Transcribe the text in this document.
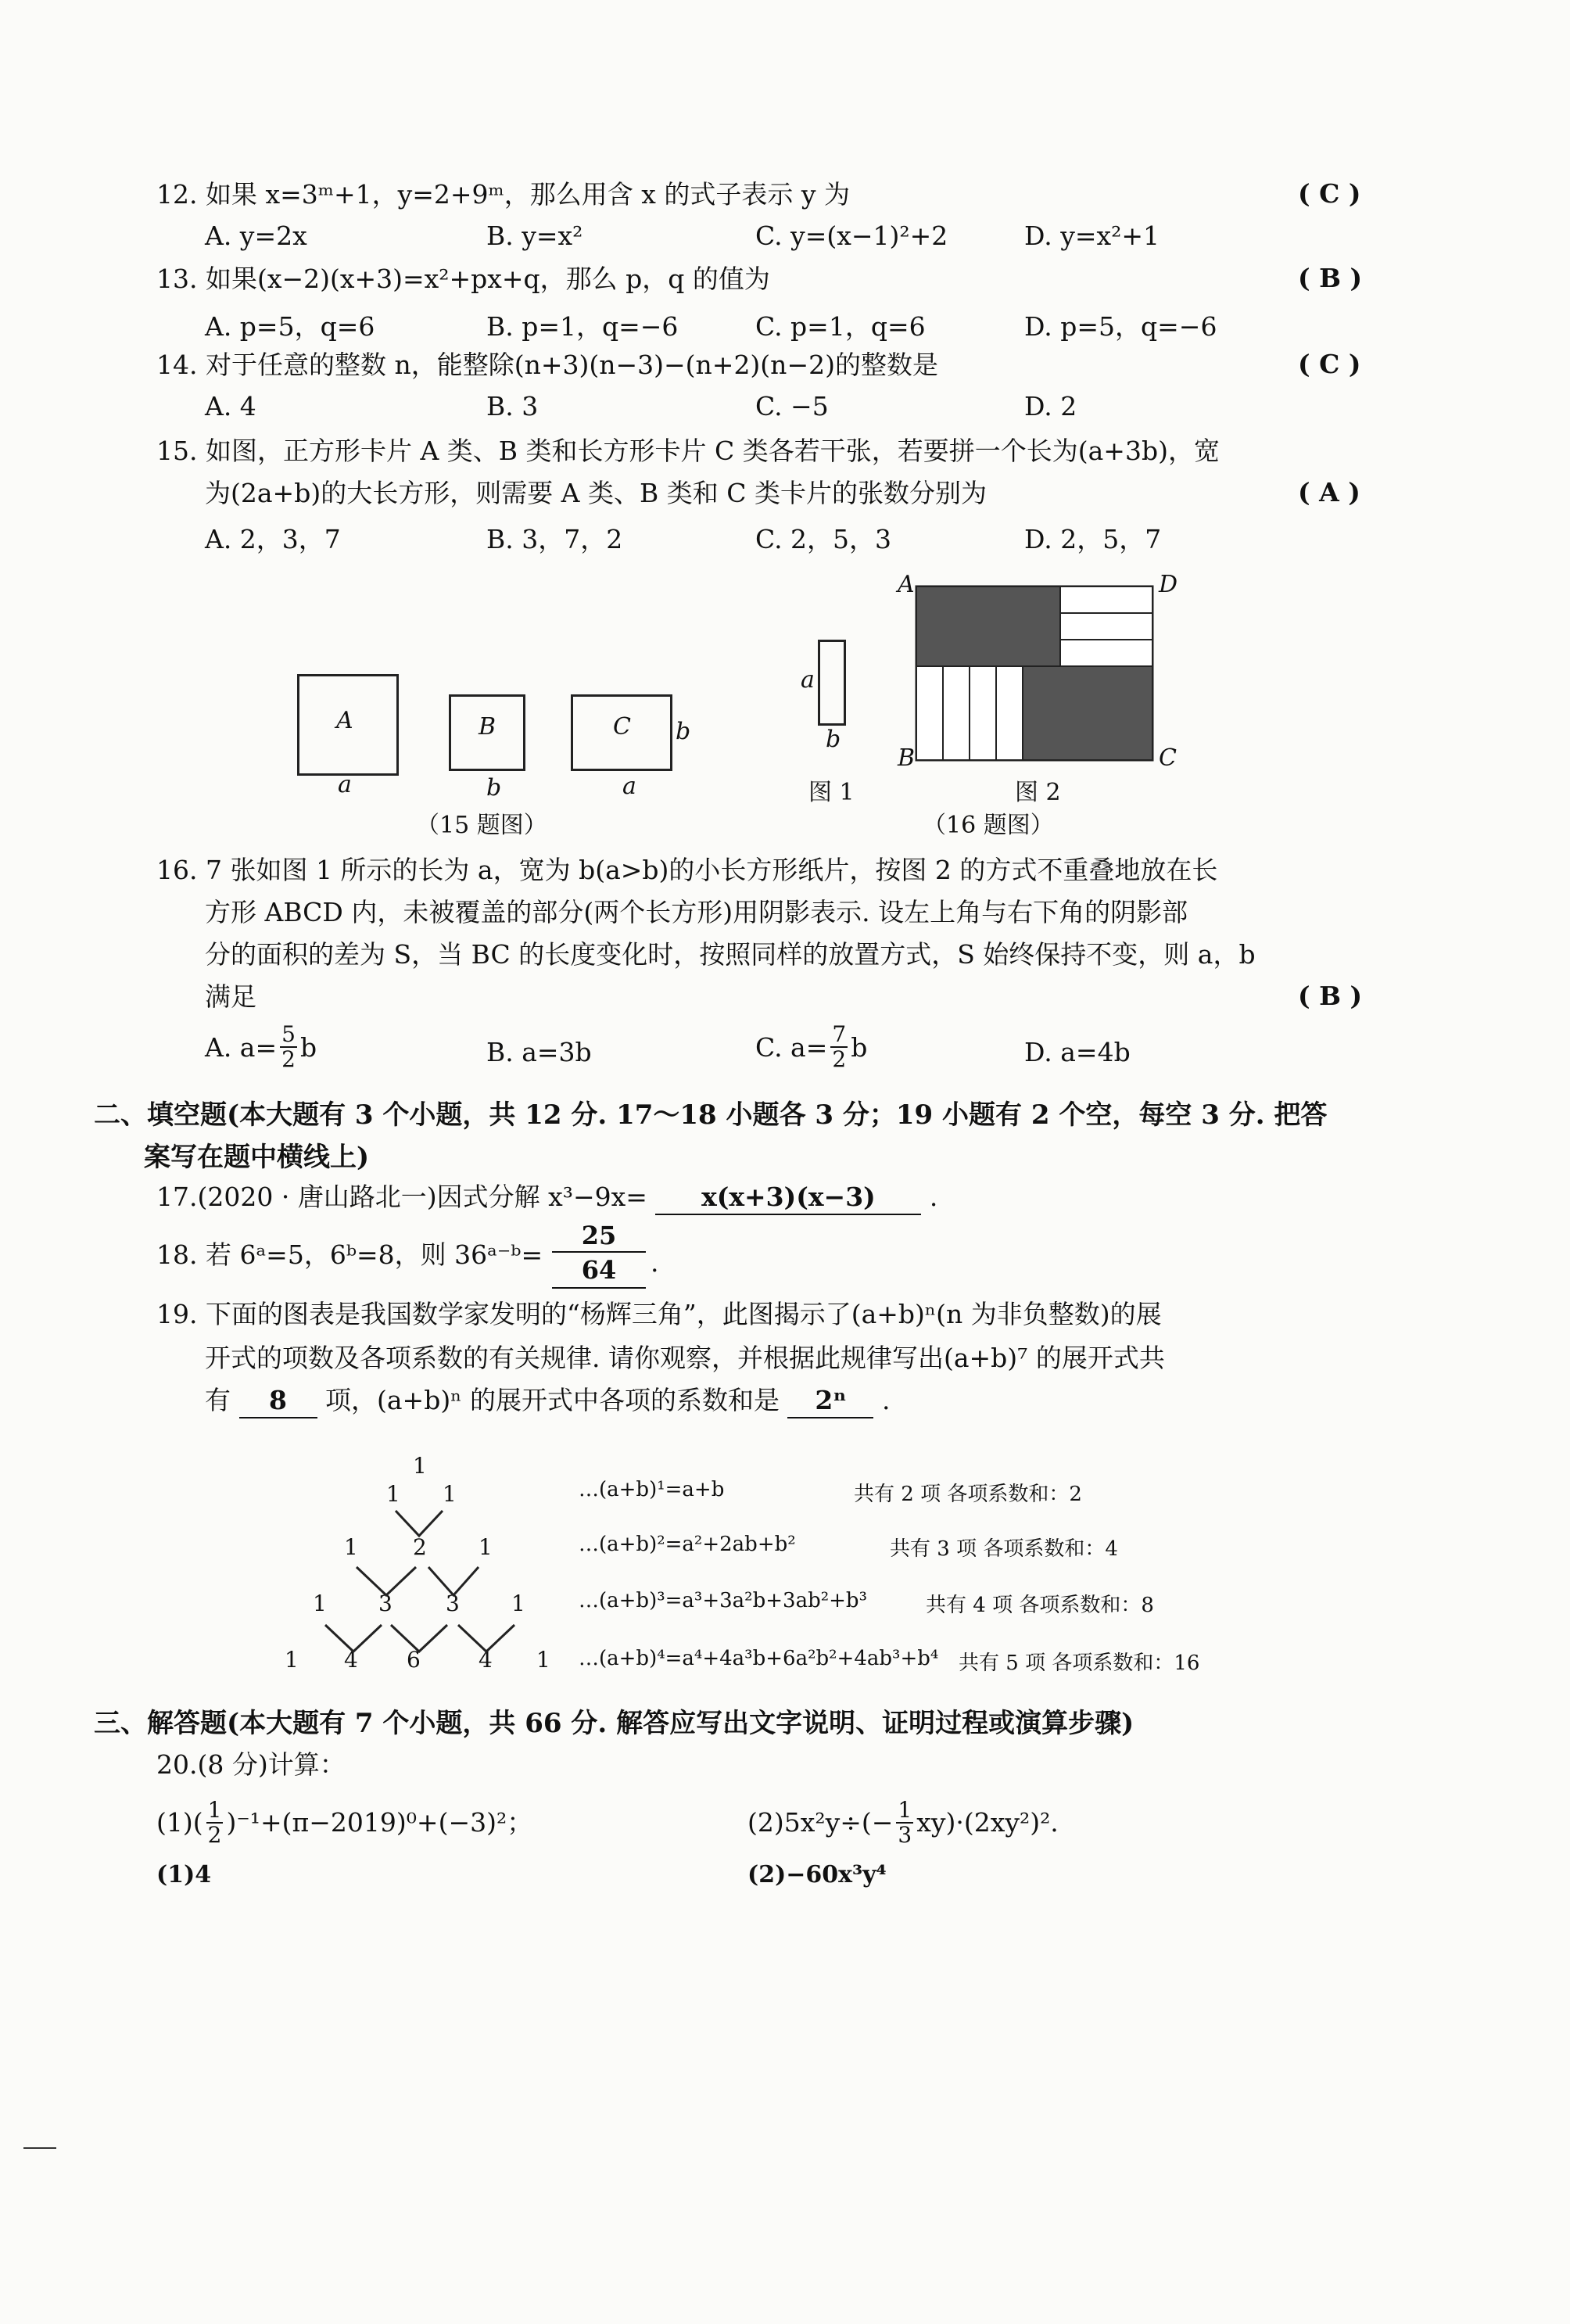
12. 如果 x=3ᵐ+1，y=2+9ᵐ，那么用含 x 的式子表示 y 为	( C )
A. y=2x	B. y=x²	C. y=(x−1)²+2	D. y=x²+1
13. 如果(x−2)(x+3)=x²+px+q，那么 p，q 的值为	( B )
A. p=5，q=6	B. p=1，q=−6	C. p=1，q=6	D. p=5，q=−6
14. 对于任意的整数 n，能整除(n+3)(n−3)−(n+2)(n−2)的整数是	( C )
A. 4	B. 3	C. −5	D. 2
15. 如图，正方形卡片 A 类、B 类和长方形卡片 C 类各若干张，若要拼一个长为(a+3b)，宽
为(2a+b)的大长方形，则需要 A 类、B 类和 C 类卡片的张数分别为	( A )
A. 2，3，7	B. 3，7，2	C. 2，5，3	D. 2，5，7
A
a
B
b
C b
a
（15 题图）
a
b
图 1
A	D
B	C
图 2
（16 题图）
16. 7 张如图 1 所示的长为 a，宽为 b(a>b)的小长方形纸片，按图 2 的方式不重叠地放在长
方形 ABCD 内，未被覆盖的部分(两个长方形)用阴影表示. 设左上角与右下角的阴影部
分的面积的差为 S，当 BC 的长度变化时，按照同样的放置方式，S 始终保持不变，则 a，b
满足	( B )
A. $a= \frac{5}{2}$ b	B. a=3b	C. $a= \frac{7}{2}$ b	D. a=4b
二、填空题(本大题有 3 个小题，共 12 分. 17～18 小题各 3 分；19 小题有 2 个空，每空 3 分. 把答
案写在题中横线上)
17.(2020 · 唐山路北一)因式分解 x³−9x= x(x+3)(x−3) .
18. 若 6ᵃ=5，6ᵇ=8，则 36ᵃ⁻ᵇ= $\frac{25}{64}$ .
19. 下面的图表是我国数学家发明的“杨辉三角”，此图揭示了(a+b)ⁿ(n 为非负整数)的展
开式的项数及各项系数的有关规律. 请你观察，并根据此规律写出(a+b)⁷ 的展开式共
有 8 项，(a+b)ⁿ 的展开式中各项的系数和是 2ⁿ .
1
1 1
1	2 1
1 3 3 1
1 4 6	4 1
…(a+b)¹=a+b	共有 2 项 各项系数和：2
…(a+b)²=a²+2ab+b²	共有 3 项 各项系数和：4
…(a+b)³=a³+3a²b+3ab²+b³	共有 4 项 各项系数和：8
…(a+b)⁴=a⁴+4a³b+6a²b²+4ab³+b⁴ 共有 5 项 各项系数和：16
三、解答题(本大题有 7 个小题，共 66 分. 解答应写出文字说明、证明过程或演算步骤)
20.(8 分)计算：
$(1)( \frac{1}{2} )^{-1}+(\pi-2019)^0+(-3)^2$；	$(2)5x^2y\div(- \frac{1}{3} xy)\cdot(2xy^2)^2$.
(1)4	(2)−60x³y⁴
